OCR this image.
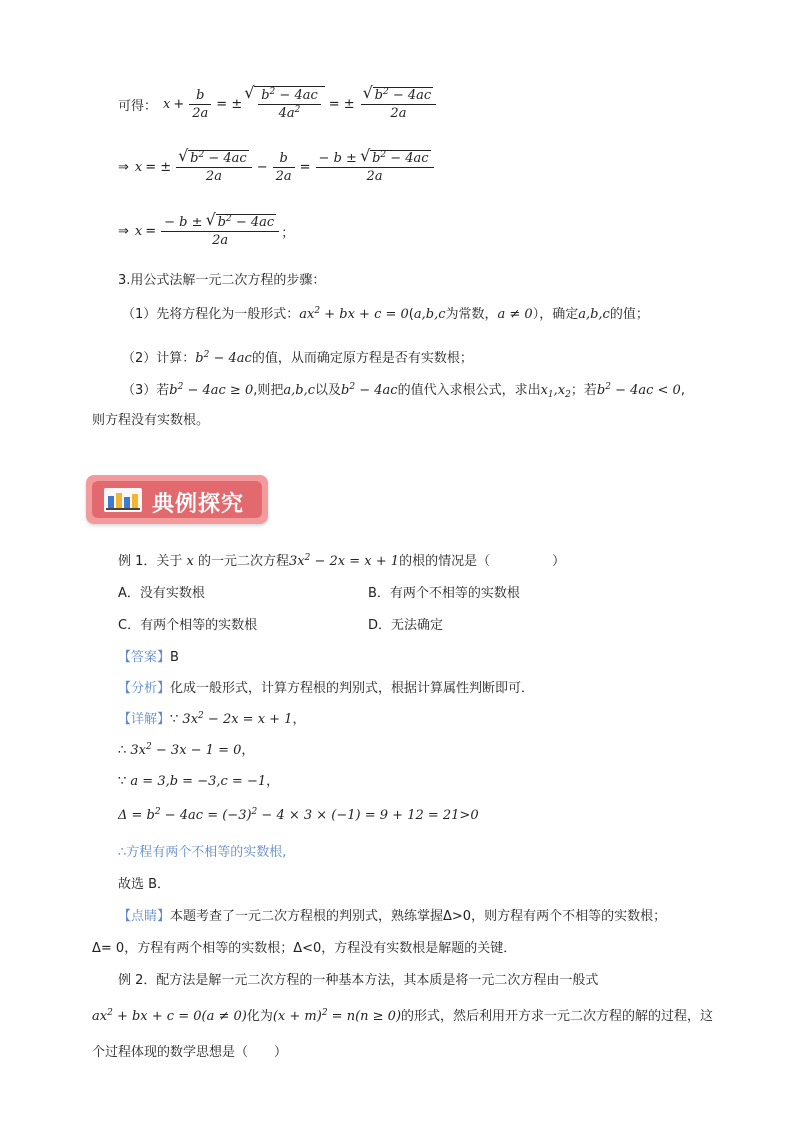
可得： $x + \frac{b}{2a}$ = ± √ $\frac{b^2 - 4ac}{4a^2}$ = ± √ $\frac{b^2 - 4ac}{2a}$
⇒ x = ± √ $\frac{b^2 - 4ac}{2a} - \frac{b}{2a} = \frac{- b \pm √ b^2 - 4ac}{2a}$
⇒ $x = \frac{- b \pm √ b^2 - 4ac}{2a}$ ；
3.用公式法解一元二次方程的步骤：
（1）先将方程化为一般形式：$ax^2$ + bx + c = 0(a,b,c为常数，a ≠ 0），确定a,b,c的值；
（2）计算：$b^2 - 4ac$的值，从而确定原方程是否有实数根；
（3）若$b^2 - 4ac \ge 0$,则把a,b,c以及$b^2 - 4ac$的值代入求根公式，求出$x_1,x_2$；若$b^2 - 4ac < 0$,
则方程没有实数根。
典例探究
例 1．关于 x 的一元二次方程$3x^2 - 2x = x + 1$的根的情况是（	）
A．没有实数根	B．有两个不相等的实数根
C．有两个相等的实数根	D．无法确定
【答案】B
【分析】化成一般形式，计算方程根的判别式，根据计算属性判断即可．
【详解】∵ $3x^2 - 2x = x + 1$，
∴ $3x^2 - 3x - 1 = 0$，
∵ a = 3,b = −3,c = −1，
$\Delta = b^2 - 4ac = (-3)^2 - 4 \times 3 \times (-1) = 9 + 12 = 21>0$
∴方程有两个不相等的实数根,
故选 B．
【点睛】本题考查了一元二次方程根的判别式，熟练掌握Δ>0，则方程有两个不相等的实数根；
Δ= 0，方程有两个相等的实数根；Δ<0，方程没有实数根是解题的关键．
例 2．配方法是解一元二次方程的一种基本方法，其本质是将一元二次方程由一般式
$ax^2$ + bx + c = 0(a ≠ 0)化为$(x + m)^2 = n(n \ge 0)$的形式，然后利用开方求一元二次方程的解的过程，这
个过程体现的数学思想是（　　）
